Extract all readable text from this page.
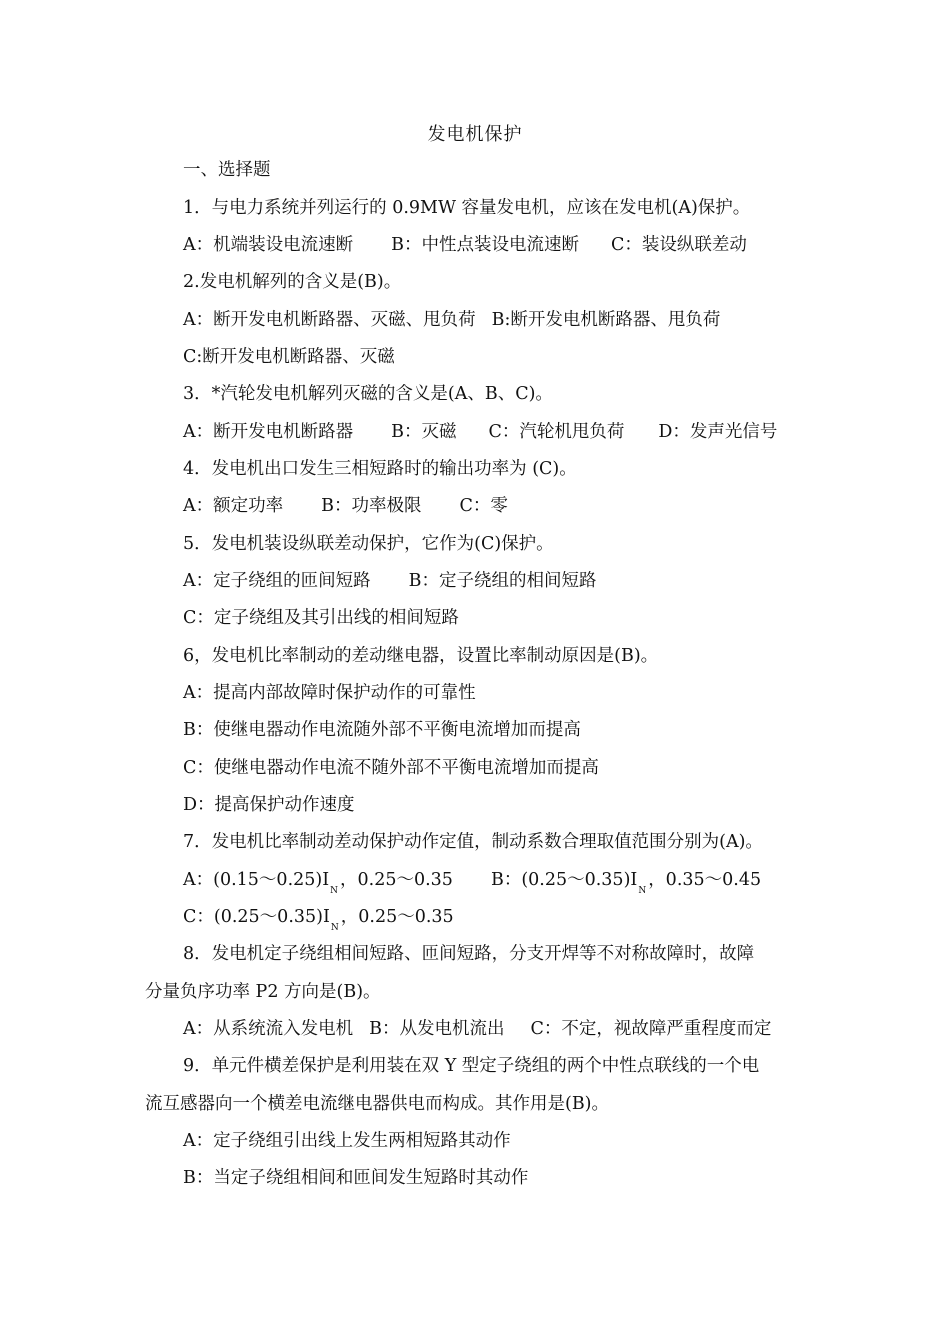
发电机保护
一、选择题
1．与电力系统并列运行的 0.9MW 容量发电机，应该在发电机(A)保护。
A：机端装设电流速断 B：中性点装设电流速断 C：装设纵联差动
2.发电机解列的含义是(B)。
A：断开发电机断路器、灭磁、甩负荷 B:断开发电机断路器、甩负荷
C:断开发电机断路器、灭磁
3．*汽轮发电机解列灭磁的含义是(A、B、C)。
A：断开发电机断路器 B：灭磁 C：汽轮机甩负荷 D：发声光信号
4．发电机出口发生三相短路时的输出功率为 (C)。
A：额定功率 B：功率极限 C：零
5．发电机装设纵联差动保护，它作为(C)保护。
A：定子绕组的匝间短路 B：定子绕组的相间短路
C：定子绕组及其引出线的相间短路
6，发电机比率制动的差动继电器，设置比率制动原因是(B)。
A：提高内部故障时保护动作的可靠性
B：使继电器动作电流随外部不平衡电流增加而提高
C：使继电器动作电流不随外部不平衡电流增加而提高
D：提高保护动作速度
7．发电机比率制动差动保护动作定值，制动系数合理取值范围分别为(A)。
A：$(0.15\sim 0.25)I_N$，0.25～0.35 B：$(0.25\sim 0.35)I_N$，0.35～0.45
C：$(0.25\sim 0.35)I_N$，0.25～0.35
8．发电机定子绕组相间短路、匝间短路，分支开焊等不对称故障时，故障
分量负序功率 P2 方向是(B)。
A：从系统流入发电机 B：从发电机流出 C：不定，视故障严重程度而定
9．单元件横差保护是利用装在双 Y 型定子绕组的两个中性点联线的一个电
流互感器向一个横差电流继电器供电而构成。其作用是(B)。
A：定子绕组引出线上发生两相短路其动作
B：当定子绕组相间和匝间发生短路时其动作
